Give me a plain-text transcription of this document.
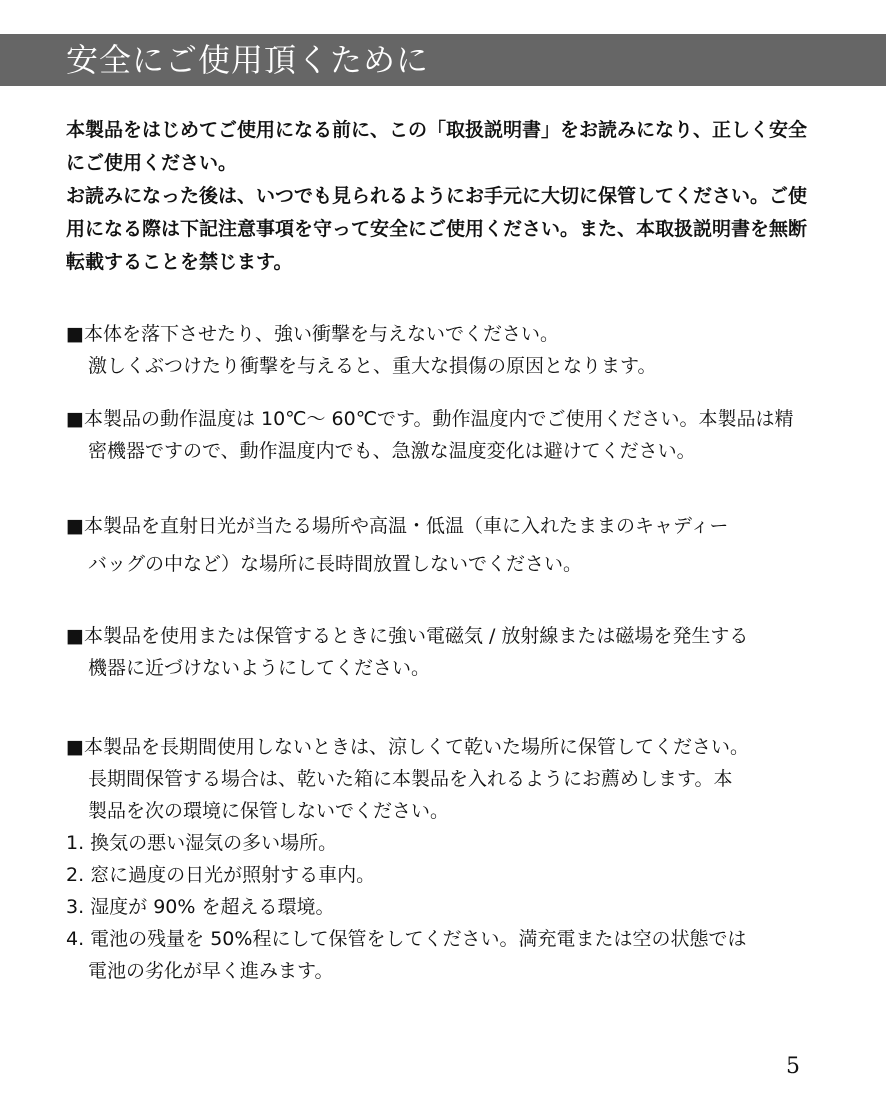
安全にご使用頂くために

本製品をはじめてご使用になる前に、この「取扱説明書」をお読みになり、正しく安全にご使用ください。

お読みになった後は、いつでも見られるようにお手元に大切に保管してください。ご使用になる際は下記注意事項を守って安全にご使用ください。また、本取扱説明書を無断転載することを禁じます。

■本体を落下させたり、強い衝撃を与えないでください。
激しくぶつけたり衝撃を与えると、重大な損傷の原因となります。
■本製品の動作温度は 10℃～ 60℃です。動作温度内でご使用ください。本製品は精
密機器ですので、動作温度内でも、急激な温度変化は避けてください。
■本製品を直射日光が当たる場所や高温・低温（車に入れたままのキャディー
バッグの中など）な場所に長時間放置しないでください。
■本製品を使用または保管するときに強い電磁気 / 放射線または磁場を発生する
機器に近づけないようにしてください。
■本製品を長期間使用しないときは、涼しくて乾いた場所に保管してください。
長期間保管する場合は、乾いた箱に本製品を入れるようにお薦めします。本
製品を次の環境に保管しないでください。
1. 換気の悪い湿気の多い場所。
2. 窓に過度の日光が照射する車内。
3. 湿度が 90% を超える環境。
4. 電池の残量を 50%程にして保管をしてください。満充電または空の状態では
電池の劣化が早く進みます。
5
